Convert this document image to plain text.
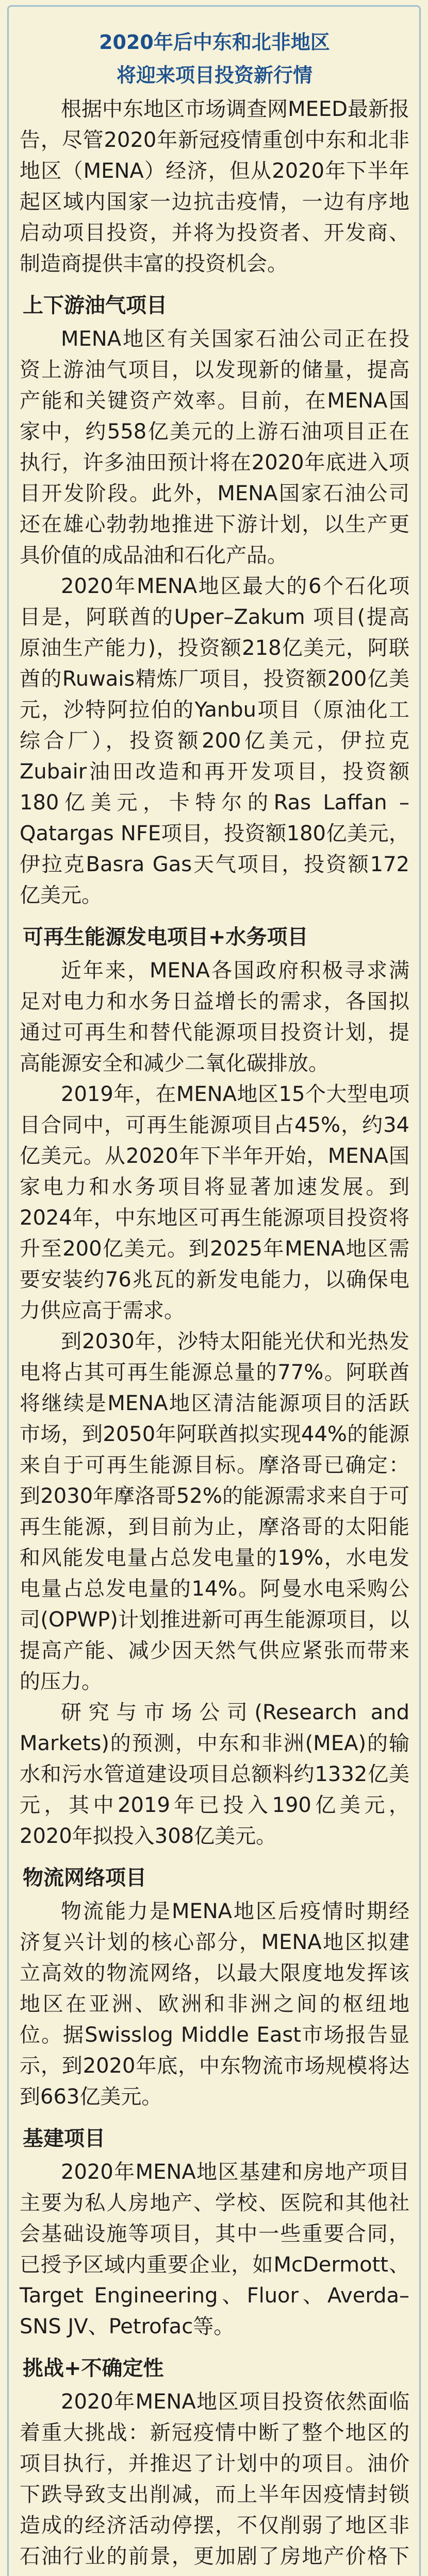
2020年后中东和北非地区
将迎来项目投资新行情

根据中东地区市场调查网MEED最新报告，尽管2020年新冠疫情重创中东和北非地区（MENA）经济，但从2020年下半年起区域内国家一边抗击疫情，一边有序地启动项目投资，并将为投资者、开发商、制造商提供丰富的投资机会。

上下游油气项目

MENA地区有关国家石油公司正在投资上游油气项目，以发现新的储量，提高产能和关键资产效率。目前，在MENA国家中，约558亿美元的上游石油项目正在执行，许多油田预计将在2020年底进入项目开发阶段。此外，MENA国家石油公司还在雄心勃勃地推进下游计划，以生产更具价值的成品油和石化产品。

2020年MENA地区最大的6个石化项目是，阿联酋的Uper–Zakum 项目(提高原油生产能力)，投资额218亿美元，阿联酋的Ruwais精炼厂项目，投资额200亿美元，沙特阿拉伯的Yanbu项目（原油化工综合厂），投资额200亿美元，伊拉克Zubair油田改造和再开发项目，投资额180亿美元，卡特尔的Ras Laffan – Qatargas NFE项目，投资额180亿美元，伊拉克Basra Gas天气项目，投资额172亿美元。

可再生能源发电项目+水务项目

近年来，MENA各国政府积极寻求满足对电力和水务日益增长的需求，各国拟通过可再生和替代能源项目投资计划，提高能源安全和减少二氧化碳排放。

2019年，在MENA地区15个大型电项目合同中，可再生能源项目占45%，约34亿美元。从2020年下半年开始，MENA国家电力和水务项目将显著加速发展。到2024年，中东地区可再生能源项目投资将升至200亿美元。到2025年MENA地区需要安装约76兆瓦的新发电能力，以确保电力供应高于需求。

到2030年，沙特太阳能光伏和光热发电将占其可再生能源总量的77%。阿联酋将继续是MENA地区清洁能源项目的活跃市场，到2050年阿联酋拟实现44%的能源来自于可再生能源目标。摩洛哥已确定：到2030年摩洛哥52%的能源需求来自于可再生能源，到目前为止，摩洛哥的太阳能和风能发电量占总发电量的19%，水电发电量占总发电量的14%。阿曼水电采购公司(OPWP)计划推进新可再生能源项目，以提高产能、减少因天然气供应紧张而带来的压力。

研究与市场公司(Research and Markets)的预测，中东和非洲(MEA)的输水和污水管道建设项目总额料约1332亿美元，其中2019年已投入190亿美元，2020年拟投入308亿美元。

物流网络项目

物流能力是MENA地区后疫情时期经济复兴计划的核心部分，MENA地区拟建立高效的物流网络，以最大限度地发挥该地区在亚洲、欧洲和非洲之间的枢纽地位。据Swisslog Middle East市场报告显示，到2020年底，中东物流市场规模将达到663亿美元。

基建项目

2020年MENA地区基建和房地产项目主要为私人房地产、学校、医院和其他社会基础设施等项目，其中一些重要合同，已授予区域内重要企业，如McDermott、Target Engineering、Fluor、Averda–SNS JV、Petrofac等。

挑战+不确定性

2020年MENA地区项目投资依然面临着重大挑战：新冠疫情中断了整个地区的项目执行，并推迟了计划中的项目。油价下跌导致支出削减，而上半年因疫情封锁造成的经济活动停摆，不仅削弱了地区非石油行业的前景，更加剧了房地产价格下
